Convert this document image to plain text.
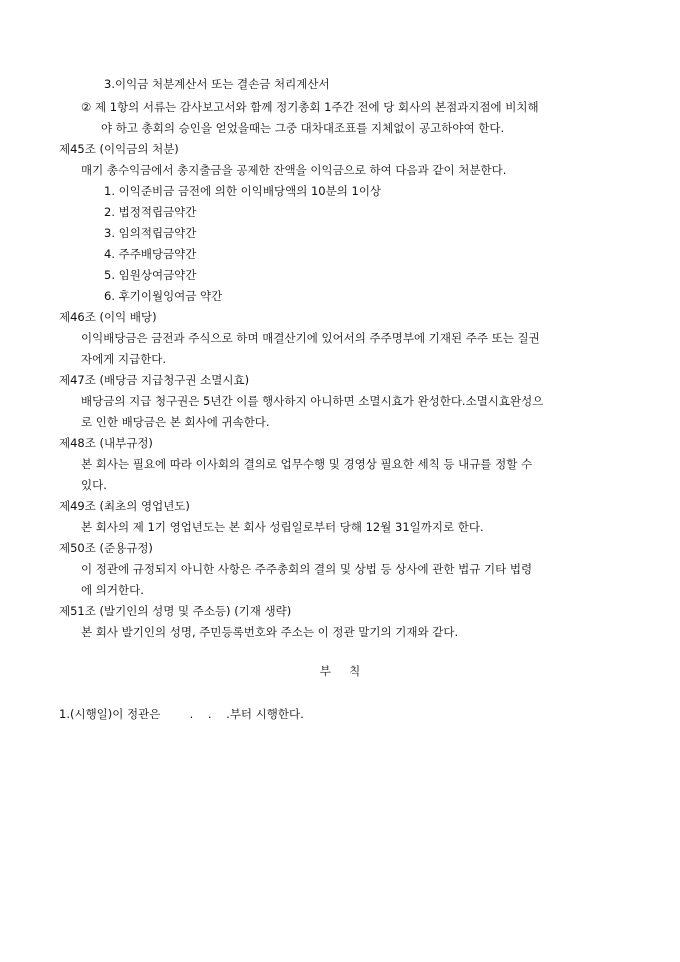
3.이익금 처분계산서 또는 결손금 처리계산서
② 제 1항의 서류는 감사보고서와 함께 정기총회 1주간 전에 당 회사의 본점과지점에 비치해
야 하고 총회의 승인을 얻었을때는 그중 대차대조표를 지체없이 공고하야여 한다.
제45조 (이익금의 처분)
매기 총수익금에서 총지출금을 공제한 잔액을 이익금으로 하여 다음과 같이 처분한다.
1. 이익준비금 금전에 의한 이익배당액의 10분의 1이상
2. 법정적립금약간
3. 임의적립금약간
4. 주주배당금약간
5. 임원상여금약간
6. 후기이월잉여금 약간
제46조 (이익 배당)
이익배당금은 금전과 주식으로 하며 매결산기에 있어서의 주주명부에 기재된 주주 또는 질권
자에게 지급한다.
제47조 (배당금 지급청구권 소멸시효)
배당금의 지급 청구권은 5년간 이를 행사하지 아니하면 소멸시효가 완성한다.소멸시효완성으
로 인한 배당금은 본 회사에 귀속한다.
제48조 (내부규정)
본 회사는 필요에 따라 이사회의 결의로 업무수행 및 경영상 필요한 세칙 등 내규를 정할 수
있다.
제49조 (최초의 영업년도)
본 회사의 제 1기 영업년도는 본 회사 성립일로부터 당해 12월 31일까지로 한다.
제50조 (준용규정)
이 정관에 규정되지 아니한 사항은 주주총회의 결의 및 상법 등 상사에 관한 법규 기타 법령
에 의거한다.
제51조 (발기인의 성명 및 주소등) (기재 생략)
본 회사 발기인의 성명, 주민등록번호와 주소는 이 정관 말기의 기재와 같다.
부     칙
1.(시행일)이 정관은        .    .    .부터 시행한다.
